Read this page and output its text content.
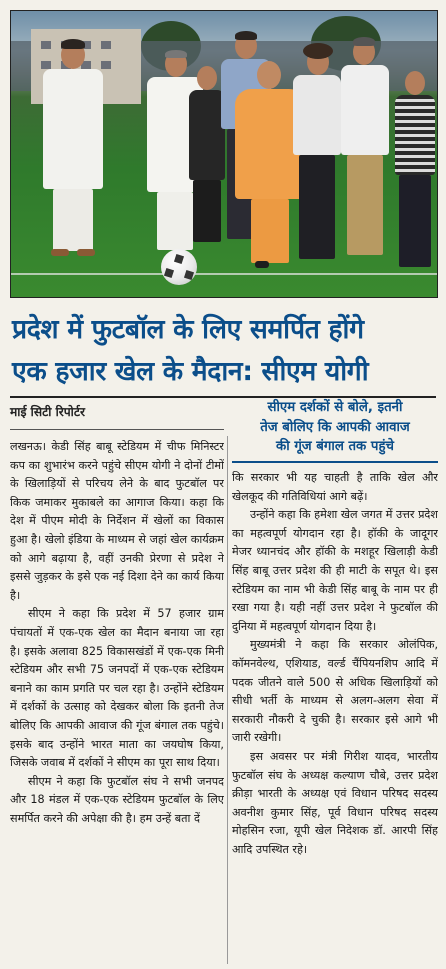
प्रदेश में फुटबॉल के लिए समर्पित होंगे
एक हजार खेल के मैदान: सीएम योगी
माई सिटी रिपोर्टर	सीएम दर्शकों से बोले, इतनी
तेज बोलिए कि आपकी आवाज
की गूंज बंगाल तक पहुंचे

लखनऊ। केडी सिंह बाबू स्टेडियम में चीफ मिनिस्टर कप का शुभारंभ करने पहुंचे सीएम योगी ने दोनों टीमों के खिलाड़ियों से परिचय लेने के बाद फुटबॉल पर किक जमाकर मुकाबले का आगाज किया। कहा कि देश में पीएम मोदी के निर्देशन में खेलों का विकास हुआ है। खेलो इंडिया के माध्यम से जहां खेल कार्यक्रम को आगे बढ़ाया है, वहीं उनकी प्रेरणा से प्रदेश ने इससे जुड़कर के इसे एक नई दिशा देने का कार्य किया है।

सीएम ने कहा कि प्रदेश में 57 हजार ग्राम पंचायतों में एक-एक खेल का मैदान बनाया जा रहा है। इसके अलावा 825 विकासखंडों में एक-एक मिनी स्टेडियम और सभी 75 जनपदों में एक-एक स्टेडियम बनाने का काम प्रगति पर चल रहा है। उन्होंने स्टेडियम में दर्शकों के उत्साह को देखकर बोला कि इतनी तेज बोलिए कि आपकी आवाज की गूंज बंगाल तक पहुंचे। इसके बाद उन्होंने भारत माता का जयघोष किया, जिसके जवाब में दर्शकों ने सीएम का पूरा साथ दिया।

सीएम ने कहा कि फुटबॉल संघ ने सभी जनपद और 18 मंडल में एक-एक स्टेडियम फुटबॉल के लिए समर्पित करने की अपेक्षा की है। हम उन्हें बता दें

कि सरकार भी यह चाहती है ताकि खेल और खेलकूद की गतिविधियां आगे बढ़ें।

उन्होंने कहा कि हमेशा खेल जगत में उत्तर प्रदेश का महत्वपूर्ण योगदान रहा है। हॉकी के जादूगर मेजर ध्यानचंद और हॉकी के मशहूर खिलाड़ी केडी सिंह बाबू उत्तर प्रदेश की ही माटी के सपूत थे। इस स्टेडियम का नाम भी केडी सिंह बाबू के नाम पर ही रखा गया है। यही नहीं उत्तर प्रदेश ने फुटबॉल की दुनिया में महत्वपूर्ण योगदान दिया है।

मुख्यमंत्री ने कहा कि सरकार ओलंपिक, कॉमनवेल्थ, एशियाड, वर्ल्ड चैंपियनशिप आदि में पदक जीतने वाले 500 से अधिक खिलाड़ियों को सीधी भर्ती के माध्यम से अलग-अलग सेवा में सरकारी नौकरी दे चुकी है। सरकार इसे आगे भी जारी रखेगी।

इस अवसर पर मंत्री गिरीश यादव, भारतीय फुटबॉल संघ के अध्यक्ष कल्याण चौबे, उत्तर प्रदेश क्रीड़ा भारती के अध्यक्ष एवं विधान परिषद सदस्य अवनीश कुमार सिंह, पूर्व विधान परिषद सदस्य मोहसिन रजा, यूपी खेल निदेशक डॉ. आरपी सिंह आदि उपस्थित रहे।
